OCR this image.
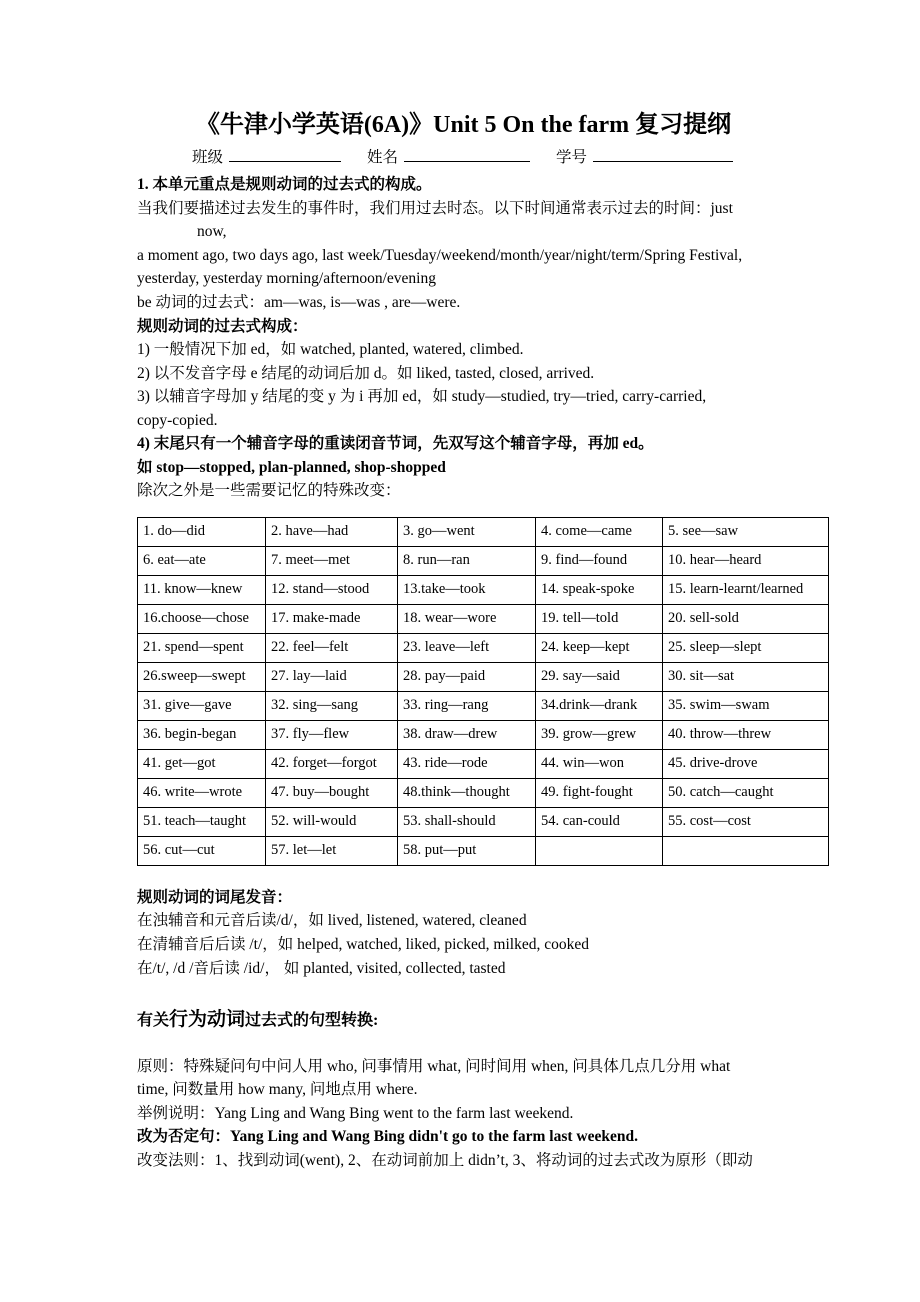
《牛津小学英语(6A)》Unit 5 On the farm 复习提纲
班级	姓名	学号

1. 本单元重点是规则动词的过去式的构成。

当我们要描述过去发生的事件时，我们用过去时态。以下时间通常表示过去的时间：just

now,

a moment ago, two days ago, last week/Tuesday/weekend/month/year/night/term/Spring Festival,

yesterday, yesterday morning/afternoon/evening

be 动词的过去式：am—was, is—was , are—were.

规则动词的过去式构成：

1) 一般情况下加 ed，如 watched, planted, watered, climbed.

2) 以不发音字母 e 结尾的动词后加 d。如 liked, tasted, closed, arrived.

3) 以辅音字母加 y 结尾的变 y 为 i 再加 ed，如 study—studied, try—tried, carry-carried,

copy-copied.

4) 末尾只有一个辅音字母的重读闭音节词，先双写这个辅音字母，再加 ed。

如 stop—stopped, plan-planned, shop-shopped

除次之外是一些需要记忆的特殊改变：

1. do—did	2. have—had	3. go—went	4. come—came	5. see—saw
6. eat—ate	7. meet—met	8. run—ran	9. find—found	10. hear—heard
11. know—knew	12. stand—stood	13.take—took	14. speak-spoke	15. learn-learnt/learned
16.choose—chose	17. make-made	18. wear—wore	19. tell—told	20. sell-sold
21. spend—spent	22. feel—felt	23. leave—left	24. keep—kept	25. sleep—slept
26.sweep—swept	27. lay—laid	28. pay—paid	29. say—said	30. sit—sat
31. give—gave	32. sing—sang	33. ring—rang	34.drink—drank	35. swim—swam
36. begin-began	37. fly—flew	38. draw—drew	39. grow—grew	40. throw—threw
41. get—got	42. forget—forgot	43. ride—rode	44. win—won	45. drive-drove
46. write—wrote	47. buy—bought	48.think—thought	49. fight-fought	50. catch—caught
51. teach—taught	52. will-would	53. shall-should	54. can-could	55. cost—cost
56. cut—cut	57. let—let	58. put—put		

规则动词的词尾发音：

在浊辅音和元音后读/d/，如 lived, listened, watered, cleaned

在清辅音后后读 /t/，如 helped, watched, liked, picked, milked, cooked

在/t/, /d /音后读 /id/， 如 planted, visited, collected, tasted

有关行为动词过去式的句型转换:

原则：特殊疑问句中问人用 who, 问事情用 what, 问时间用 when, 问具体几点几分用 what

time, 问数量用 how many, 问地点用 where.

举例说明：Yang Ling and Wang Bing went to the farm last weekend.

改为否定句：Yang Ling and Wang Bing didn't go to the farm last weekend.

改变法则：1、找到动词(went), 2、在动词前加上 didn’t, 3、将动词的过去式改为原形（即动
